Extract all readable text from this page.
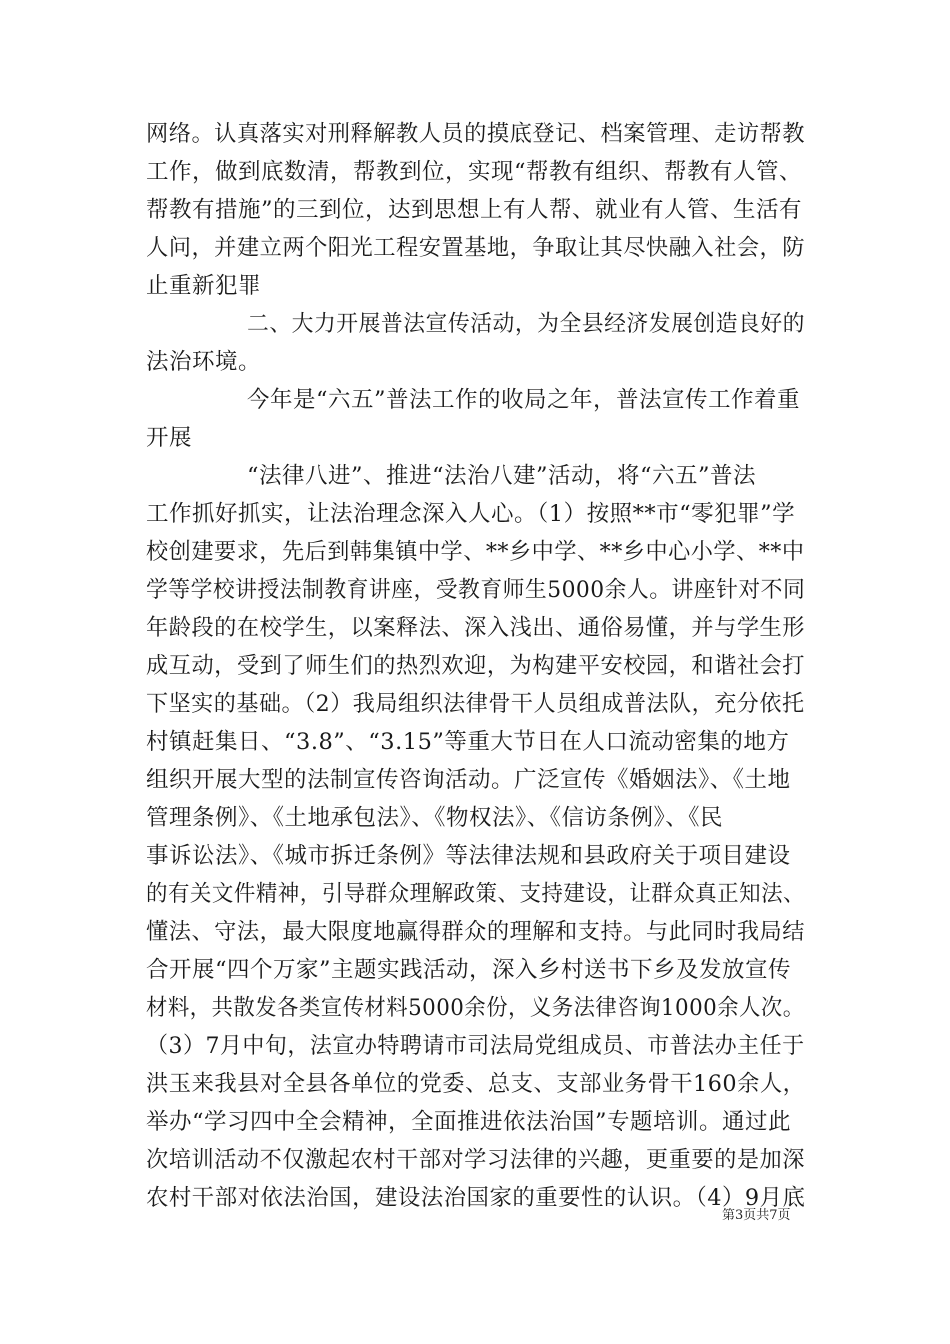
网络。认真落实对刑释解教人员的摸底登记、档案管理、走访帮教
工作，做到底数清，帮教到位，实现“帮教有组织、帮教有人管、
帮教有措施”的三到位，达到思想上有人帮、就业有人管、生活有
人问，并建立两个阳光工程安置基地，争取让其尽快融入社会，防
止重新犯罪
二、大力开展普法宣传活动，为全县经济发展创造良好的
法治环境。
今年是“六五”普法工作的收局之年，普法宣传工作着重
开展
“法律八进”、推进“法治八建”活动，将“六五”普法
工作抓好抓实，让法治理念深入人心。（1）按照**市“零犯罪”学
校创建要求，先后到韩集镇中学、**乡中学、**乡中心小学、**中
学等学校讲授法制教育讲座，受教育师生5000余人。讲座针对不同
年龄段的在校学生，以案释法、深入浅出、通俗易懂，并与学生形
成互动，受到了师生们的热烈欢迎，为构建平安校园，和谐社会打
下坚实的基础。（2）我局组织法律骨干人员组成普法队，充分依托
村镇赶集日、“3.8”、“3.15”等重大节日在人口流动密集的地方
组织开展大型的法制宣传咨询活动。广泛宣传《婚姻法》、《土地
管理条例》、《土地承包法》、《物权法》、《信访条例》、《民
事诉讼法》、《城市拆迁条例》等法律法规和县政府关于项目建设
的有关文件精神，引导群众理解政策、支持建设，让群众真正知法、
懂法、守法，最大限度地赢得群众的理解和支持。与此同时我局结
合开展“四个万家”主题实践活动，深入乡村送书下乡及发放宣传
材料，共散发各类宣传材料5000余份，义务法律咨询1000余人次。
（3）7月中旬，法宣办特聘请市司法局党组成员、市普法办主任于
洪玉来我县对全县各单位的党委、总支、支部业务骨干160余人，
举办“学习四中全会精神，全面推进依法治国”专题培训。通过此
次培训活动不仅激起农村干部对学习法律的兴趣，更重要的是加深
农村干部对依法治国，建设法治国家的重要性的认识。（4）9月底
第3页共7页
